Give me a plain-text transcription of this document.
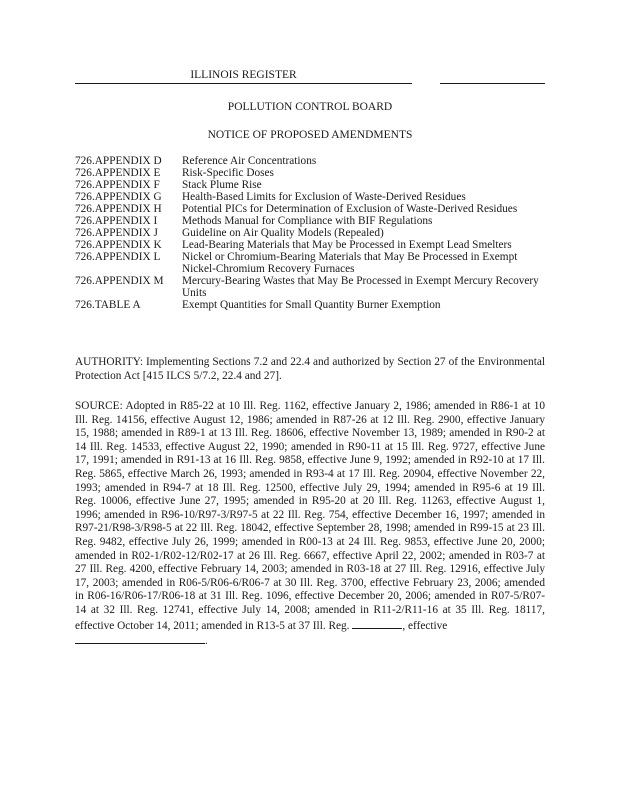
ILLINOIS REGISTER
POLLUTION CONTROL BOARD
NOTICE OF PROPOSED AMENDMENTS
726.APPENDIX D	Reference Air Concentrations
726.APPENDIX E	Risk-Specific Doses
726.APPENDIX F	Stack Plume Rise
726.APPENDIX G	Health-Based Limits for Exclusion of Waste-Derived Residues
726.APPENDIX H	Potential PICs for Determination of Exclusion of Waste-Derived Residues
726.APPENDIX I	Methods Manual for Compliance with BIF Regulations
726.APPENDIX J	Guideline on Air Quality Models (Repealed)
726.APPENDIX K	Lead-Bearing Materials that May be Processed in Exempt Lead Smelters
726.APPENDIX L	Nickel or Chromium-Bearing Materials that May Be Processed in Exempt Nickel-Chromium Recovery Furnaces
726.APPENDIX M	Mercury-Bearing Wastes that May Be Processed in Exempt Mercury Recovery Units
726.TABLE A	Exempt Quantities for Small Quantity Burner Exemption

AUTHORITY: Implementing Sections 7.2 and 22.4 and authorized by Section 27 of the Environmental Protection Act [415 ILCS 5/7.2, 22.4 and 27].

SOURCE: Adopted in R85-22 at 10 Ill. Reg. 1162, effective January 2, 1986; amended in R86-1 at 10 Ill. Reg. 14156, effective August 12, 1986; amended in R87-26 at 12 Ill. Reg. 2900, effective January 15, 1988; amended in R89-1 at 13 Ill. Reg. 18606, effective November 13, 1989; amended in R90-2 at 14 Ill. Reg. 14533, effective August 22, 1990; amended in R90-11 at 15 Ill. Reg. 9727, effective June 17, 1991; amended in R91-13 at 16 Ill. Reg. 9858, effective June 9, 1992; amended in R92-10 at 17 Ill. Reg. 5865, effective March 26, 1993; amended in R93-4 at 17 Ill. Reg. 20904, effective November 22, 1993; amended in R94-7 at 18 Ill. Reg. 12500, effective July 29, 1994; amended in R95-6 at 19 Ill. Reg. 10006, effective June 27, 1995; amended in R95-20 at 20 Ill. Reg. 11263, effective August 1, 1996; amended in R96-10/R97-3/R97-5 at 22 Ill. Reg. 754, effective December 16, 1997; amended in R97-21/R98-3/R98-5 at 22 Ill. Reg. 18042, effective September 28, 1998; amended in R99-15 at 23 Ill. Reg. 9482, effective July 26, 1999; amended in R00-13 at 24 Ill. Reg. 9853, effective June 20, 2000; amended in R02-1/R02-12/R02-17 at 26 Ill. Reg. 6667, effective April 22, 2002; amended in R03-7 at 27 Ill. Reg. 4200, effective February 14, 2003; amended in R03-18 at 27 Ill. Reg. 12916, effective July 17, 2003; amended in R06-5/R06-6/R06-7 at 30 Ill. Reg. 3700, effective February 23, 2006; amended in R06-16/R06-17/R06-18 at 31 Ill. Reg. 1096, effective December 20, 2006; amended in R07-5/R07-14 at 32 Ill. Reg. 12741, effective July 14, 2008; amended in R11-2/R11-16 at 35 Ill. Reg. 18117, effective October 14, 2011; amended in R13-5 at 37 Ill. Reg.	, effective
.
